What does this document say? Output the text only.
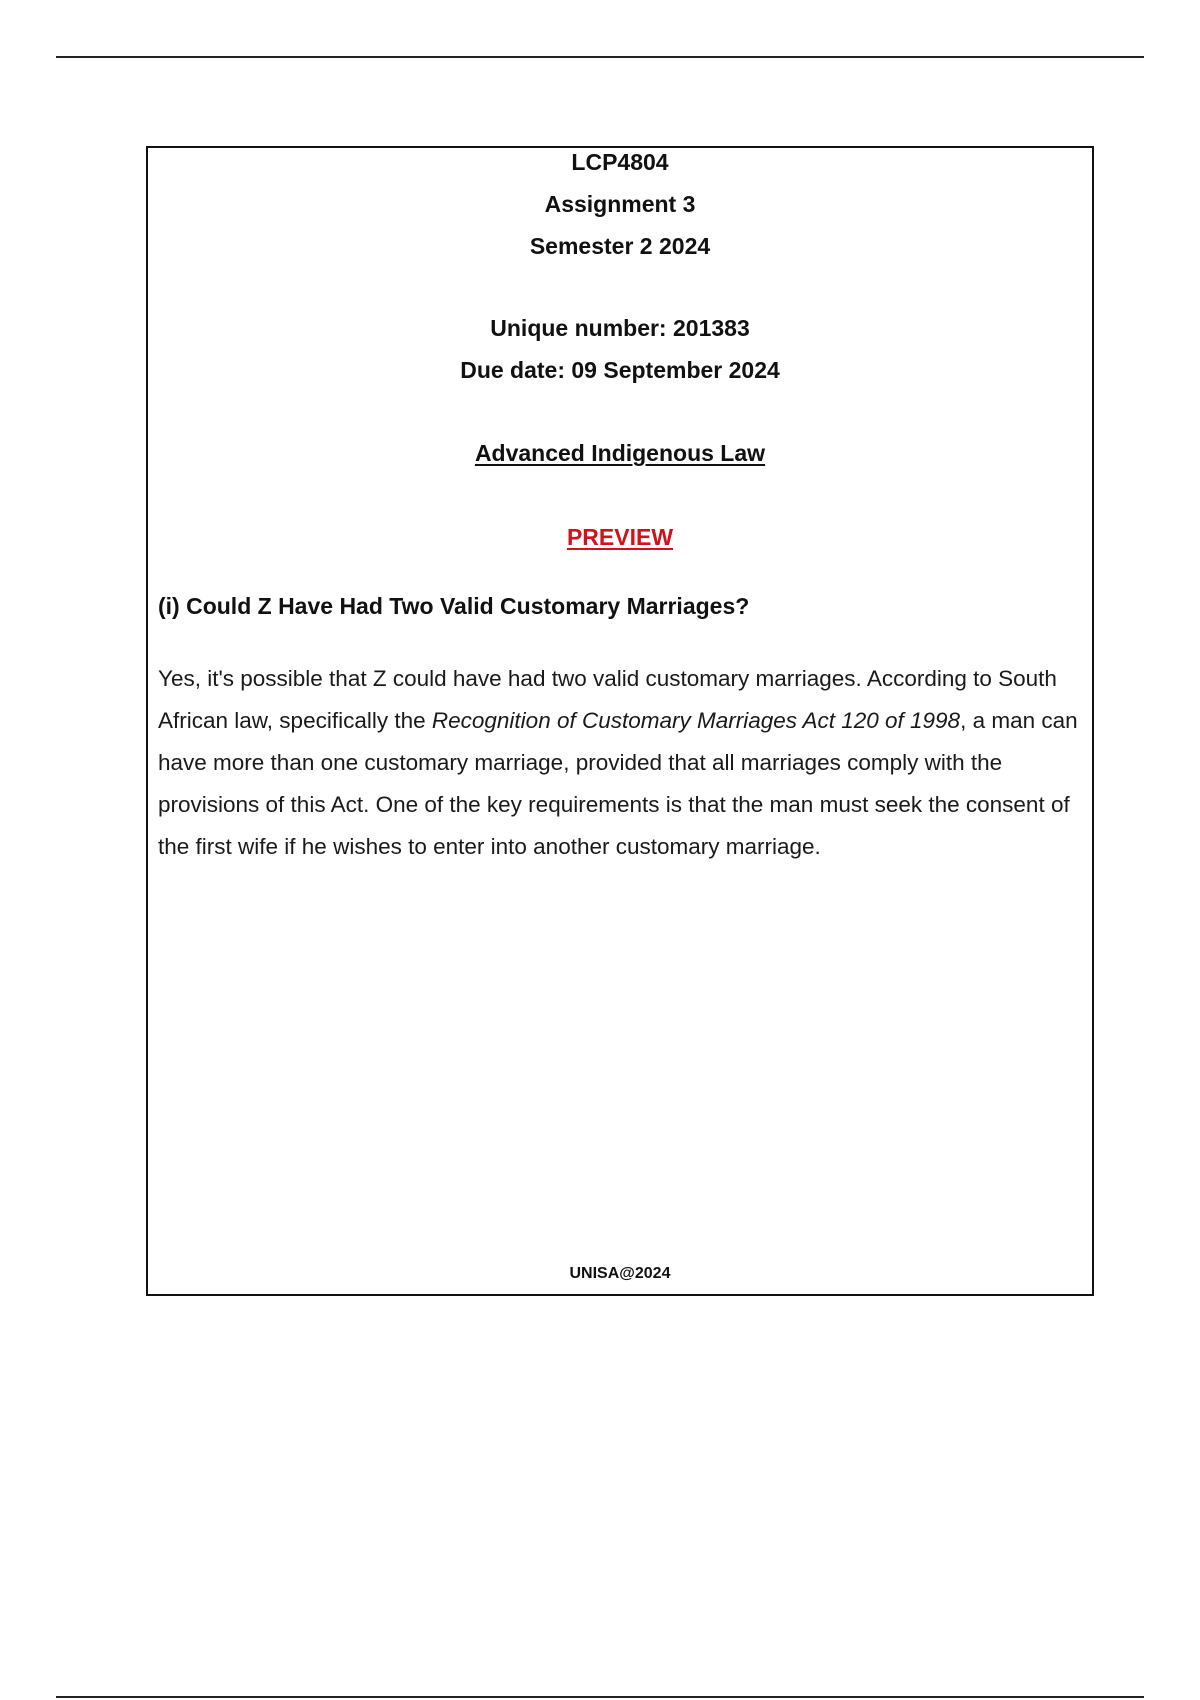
LCP4804
Assignment 3
Semester 2 2024
Unique number: 201383
Due date: 09 September 2024
Advanced Indigenous Law
PREVIEW
(i) Could Z Have Had Two Valid Customary Marriages?
Yes, it's possible that Z could have had two valid customary marriages. According to South African law, specifically the Recognition of Customary Marriages Act 120 of 1998, a man can have more than one customary marriage, provided that all marriages comply with the provisions of this Act. One of the key requirements is that the man must seek the consent of the first wife if he wishes to enter into another customary marriage.
UNISA@2024
